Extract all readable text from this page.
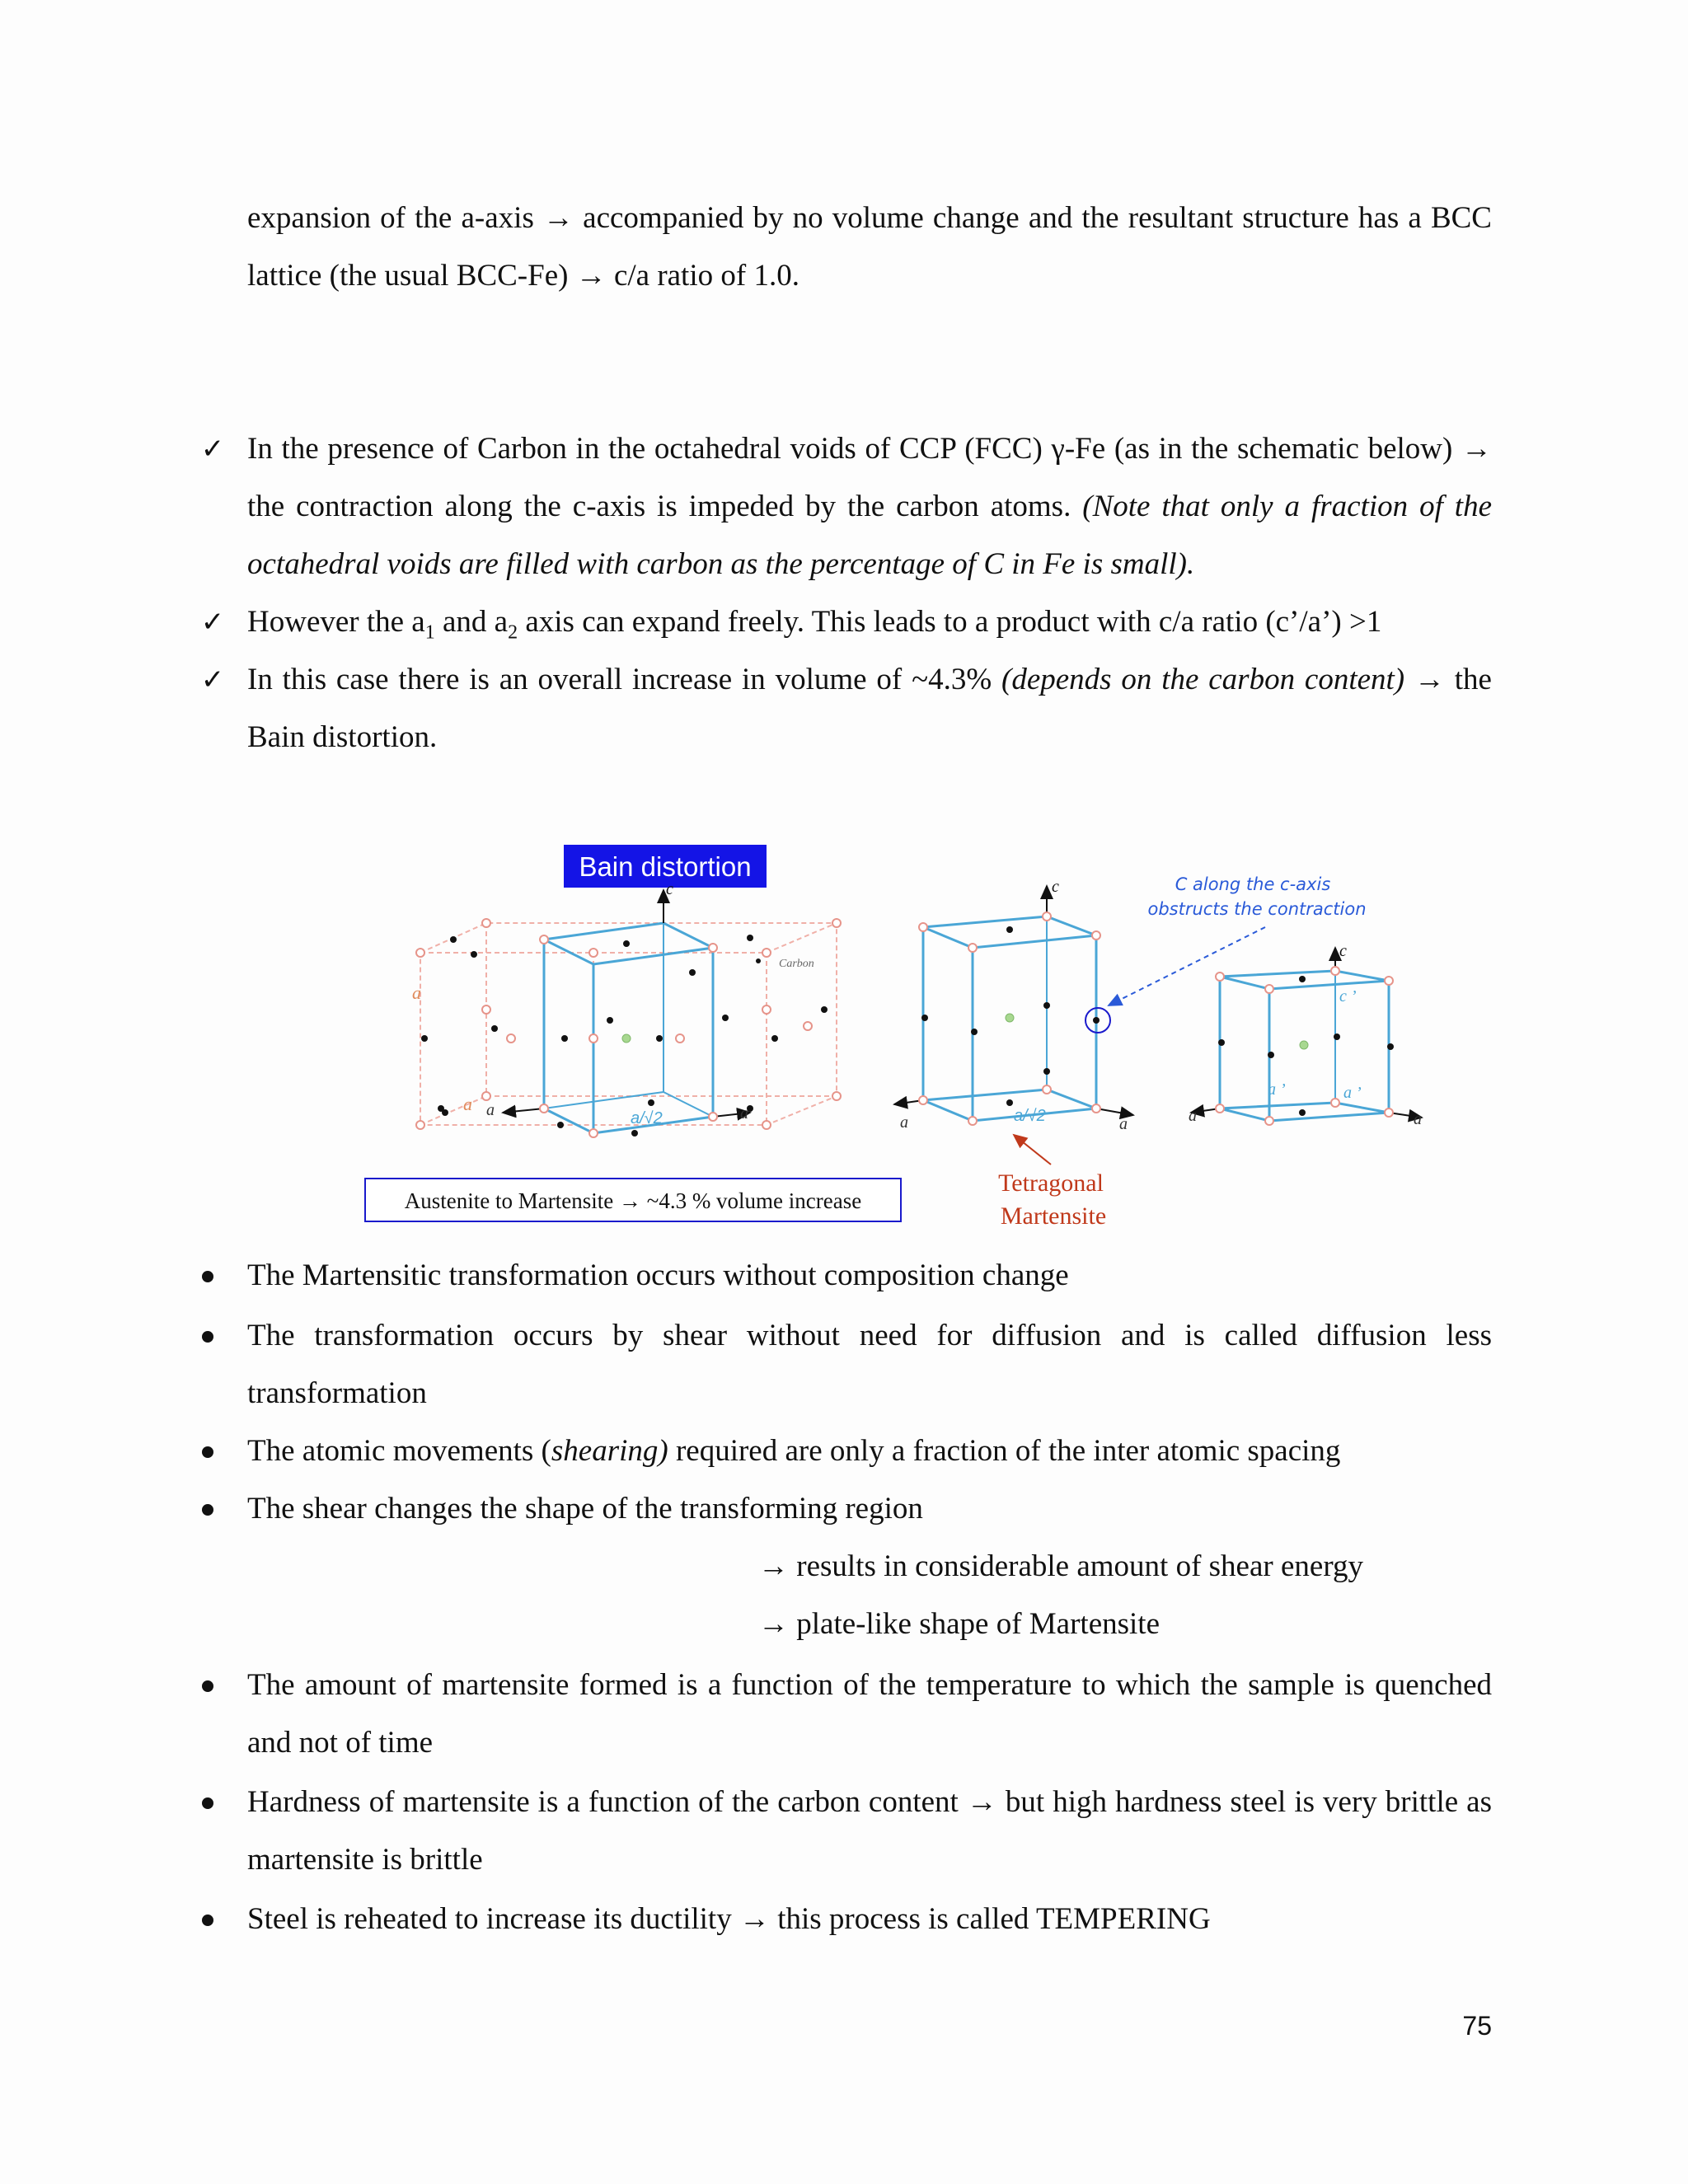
expansion of the a-axis → accompanied by no volume change and the resultant structure has a BCC lattice (the usual BCC-Fe) → c/a ratio of 1.0.

✓ In the presence of Carbon in the octahedral voids of CCP (FCC) γ-Fe (as in the schematic below) → the contraction along the c-axis is impeded by the carbon atoms. (Note that only a fraction of the octahedral voids are filled with carbon as the percentage of C in Fe is small).
✓ However the $a_1$ and $a_2$ axis can expand freely. This leads to a product with c/a ratio (c’/a’) >1
✓ In this case there is an overall increase in volume of ~4.3% (depends on the carbon content) → the Bain distortion.
Bain distortion
Carbon
a
a a	a
c
a/√2
c
a	a
a/√2
C along the c-axis
obstructs the contraction
c
c ’
a ’	a ’
a	a
Austenite to Martensite → ~4.3 % volume increase
Tetragonal
Martensite
The Martensitic transformation occurs without composition change
The transformation occurs by shear without need for diffusion and is called diffusion less transformation
The atomic movements (shearing) required are only a fraction of the inter atomic spacing
The shear changes the shape of the transforming region
→ results in considerable amount of shear energy
→ plate-like shape of Martensite
The amount of martensite formed is a function of the temperature to which the sample is quenched and not of time
Hardness of martensite is a function of the carbon content → but high hardness steel is very brittle as martensite is brittle
Steel is reheated to increase its ductility → this process is called TEMPERING
75
